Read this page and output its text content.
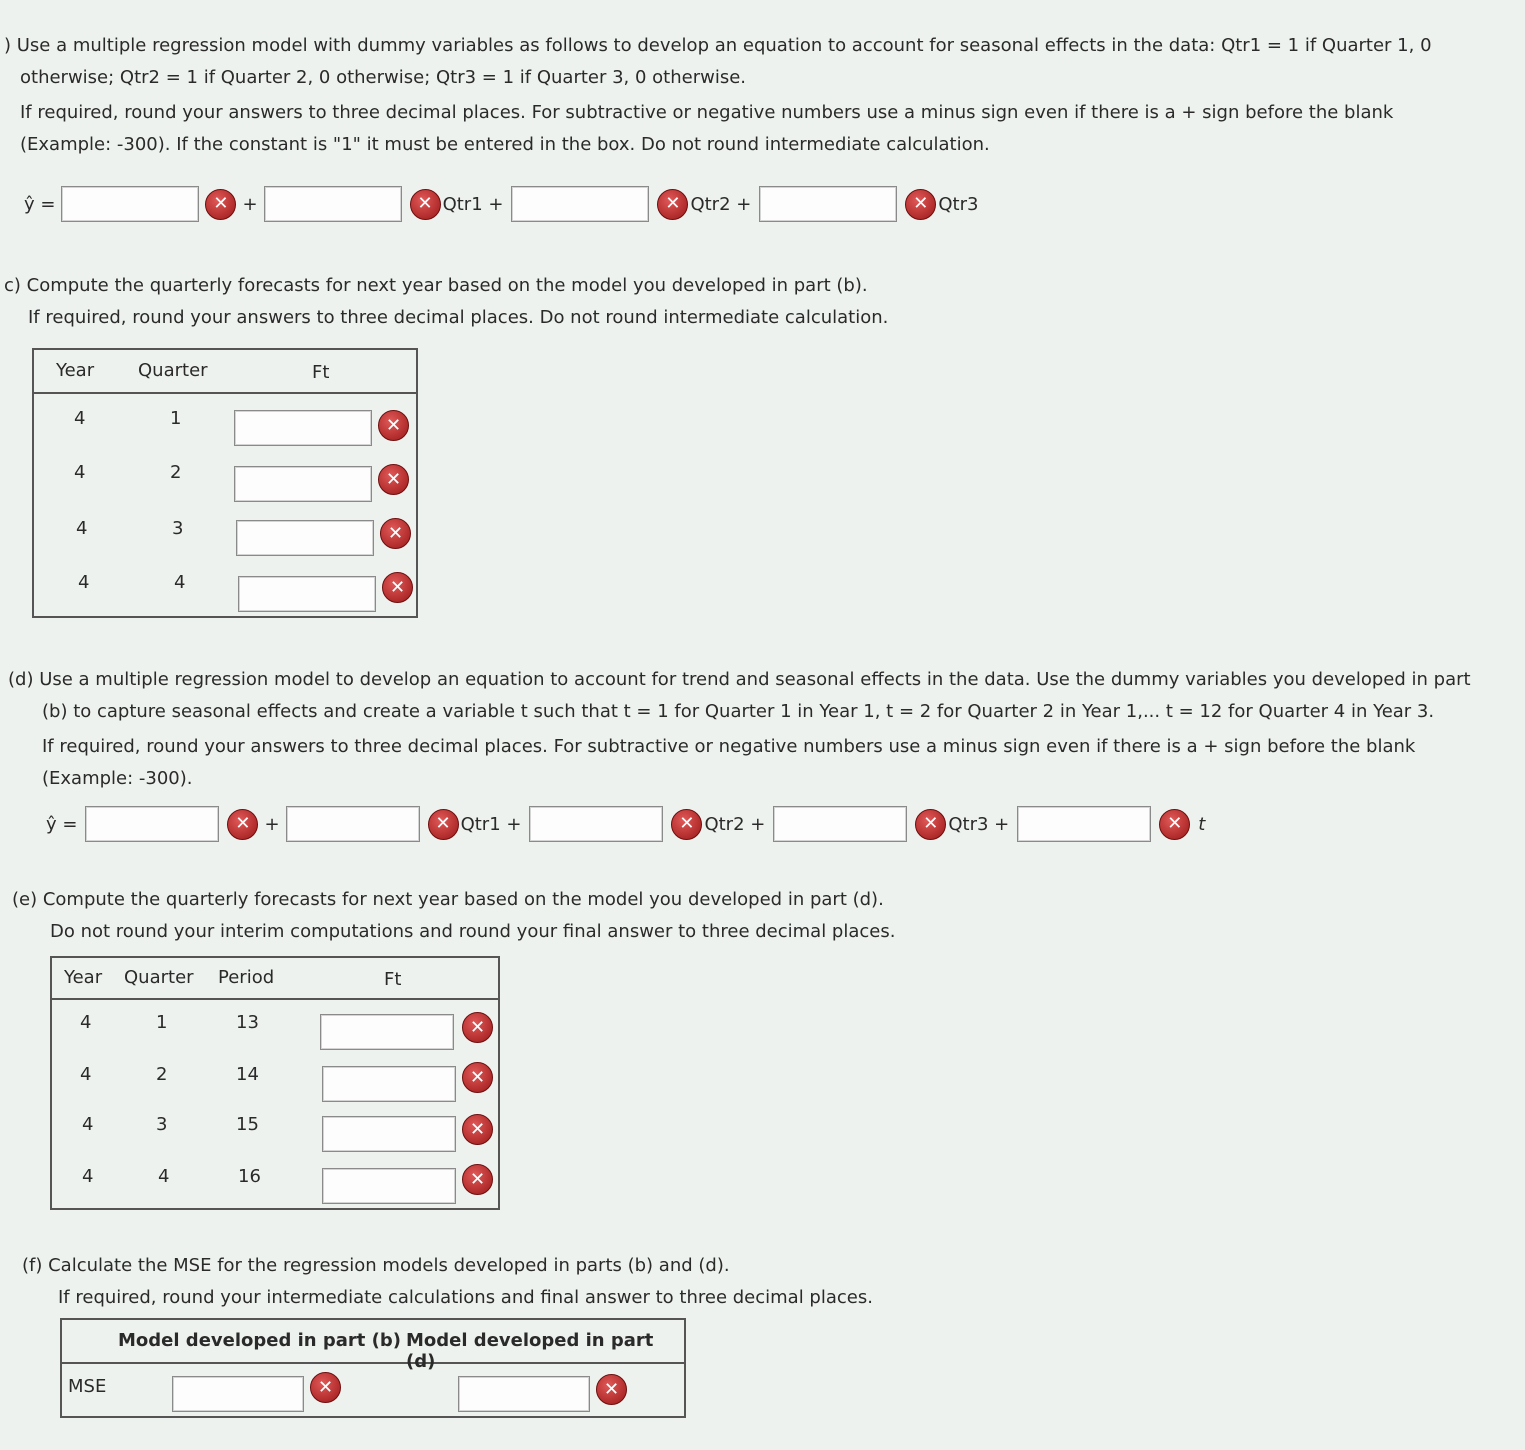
) Use a multiple regression model with dummy variables as follows to develop an equation to account for seasonal effects in the data: Qtr1 = 1 if Quarter 1, 0
otherwise; Qtr2 = 1 if Quarter 2, 0 otherwise; Qtr3 = 1 if Quarter 3, 0 otherwise.
If required, round your answers to three decimal places. For subtractive or negative numbers use a minus sign even if there is a + sign before the blank
(Example: -300). If the constant is "1" it must be entered in the box. Do not round intermediate calculation.
ŷ =	✕ +	✕ Qtr1 +	✕ Qtr2 +	✕ Qtr3
c) Compute the quarterly forecasts for next year based on the model you developed in part (b).
If required, round your answers to three decimal places. Do not round intermediate calculation.
Year Quarter	Ft
4	1	✕
4	2	✕
4	3	✕
4	4	✕
(d) Use a multiple regression model to develop an equation to account for trend and seasonal effects in the data. Use the dummy variables you developed in part
(b) to capture seasonal effects and create a variable t such that t = 1 for Quarter 1 in Year 1, t = 2 for Quarter 2 in Year 1,... t = 12 for Quarter 4 in Year 3.
If required, round your answers to three decimal places. For subtractive or negative numbers use a minus sign even if there is a + sign before the blank
(Example: -300).
ŷ =	✕ +	✕ Qtr1 +	✕ Qtr2 +	✕ Qtr3 +	✕ t
(e) Compute the quarterly forecasts for next year based on the model you developed in part (d).
Do not round your interim computations and round your final answer to three decimal places.
Year Quarter Period	Ft
4	1	13	✕
4	2	14	✕
4	3	15	✕
4	4	16	✕
(f) Calculate the MSE for the regression models developed in parts (b) and (d).
If required, round your intermediate calculations and final answer to three decimal places.
Model developed in part (b) Model developed in part (d)
MSE	✕	✕
